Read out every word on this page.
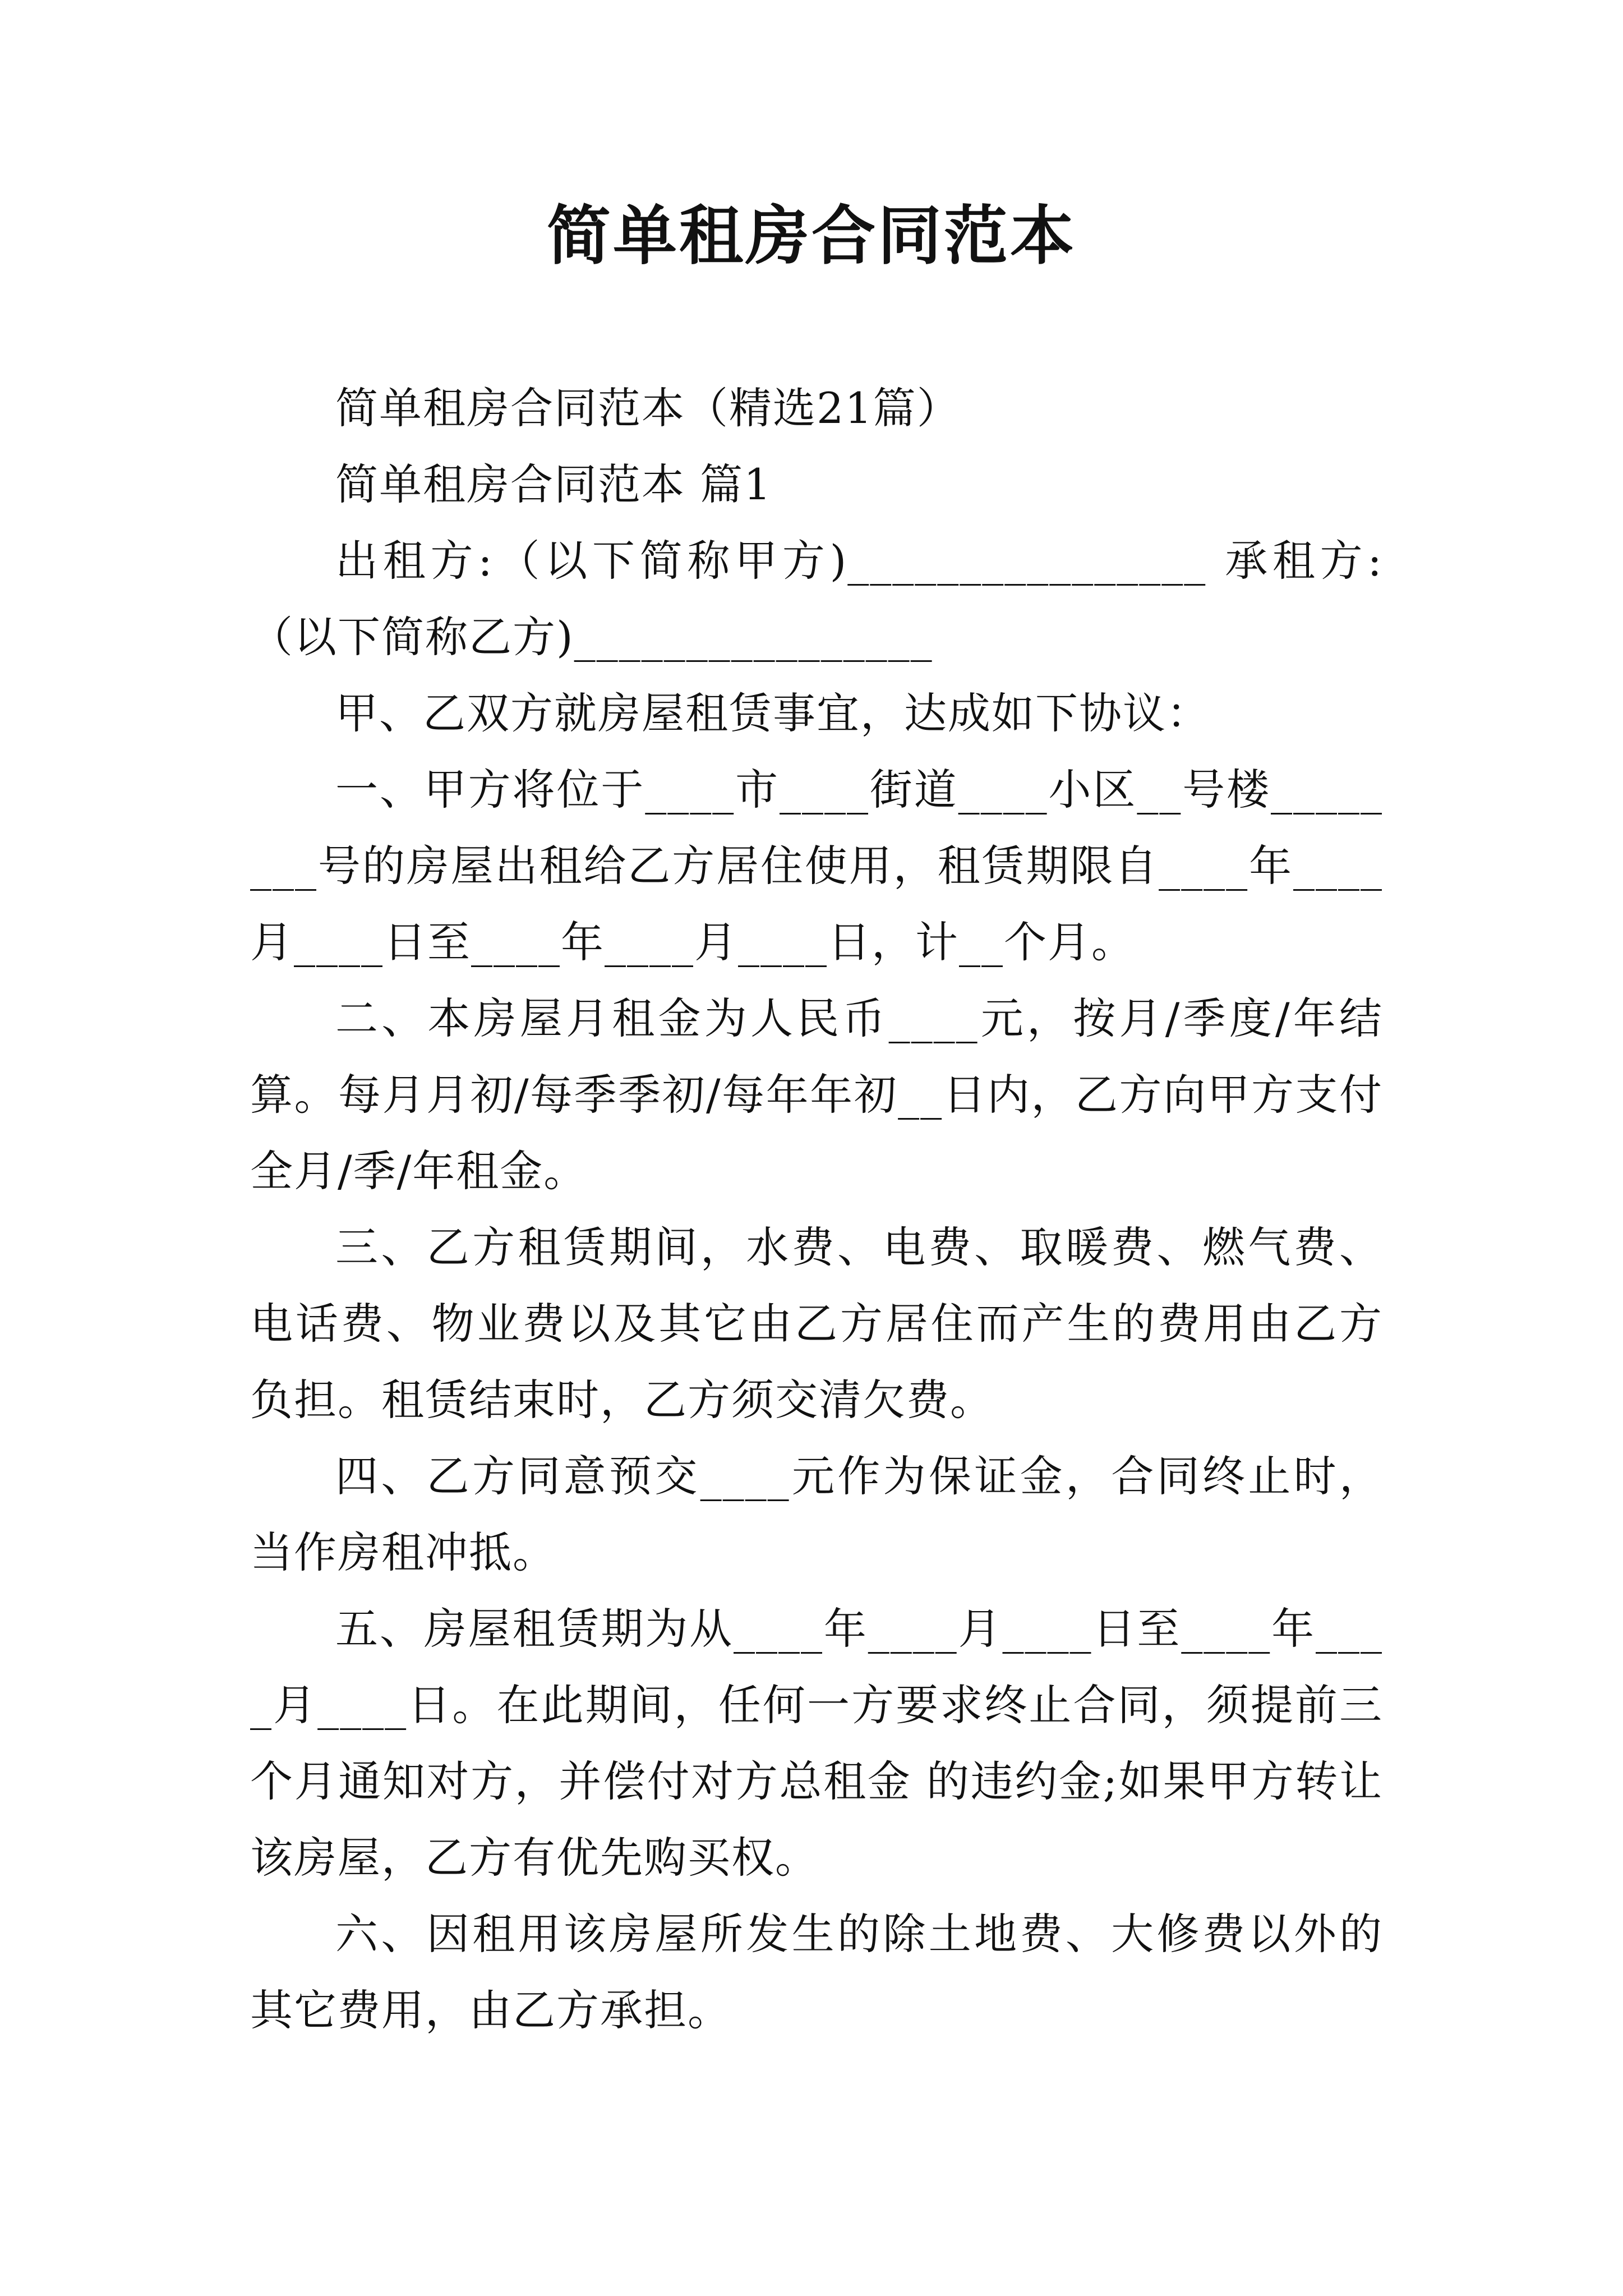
简单租房合同范本

简单租房合同范本（精选21篇）

简单租房合同范本 篇1

出租方:（以下简称甲方)________________ 承租方:（以下简称乙方)________________

甲、乙双方就房屋租赁事宜，达成如下协议：

一、甲方将位于____市____街道____小区__号楼________号的房屋出租给乙方居住使用，租赁期限自____年____月____日至____年____月____日，计__个月。

二、本房屋月租金为人民币____元，按月/季度/年结算。每月月初/每季季初/每年年初__日内，乙方向甲方支付全月/季/年租金。

三、乙方租赁期间，水费、电费、取暖费、燃气费、电话费、物业费以及其它由乙方居住而产生的费用由乙方负担。租赁结束时，乙方须交清欠费。

四、乙方同意预交____元作为保证金，合同终止时，当作房租冲抵。

五、房屋租赁期为从____年____月____日至____年____月____日。在此期间，任何一方要求终止合同，须提前三个月通知对方，并偿付对方总租金 的违约金;如果甲方转让该房屋，乙方有优先购买权。

六、因租用该房屋所发生的除土地费、大修费以外的其它费用，由乙方承担。
